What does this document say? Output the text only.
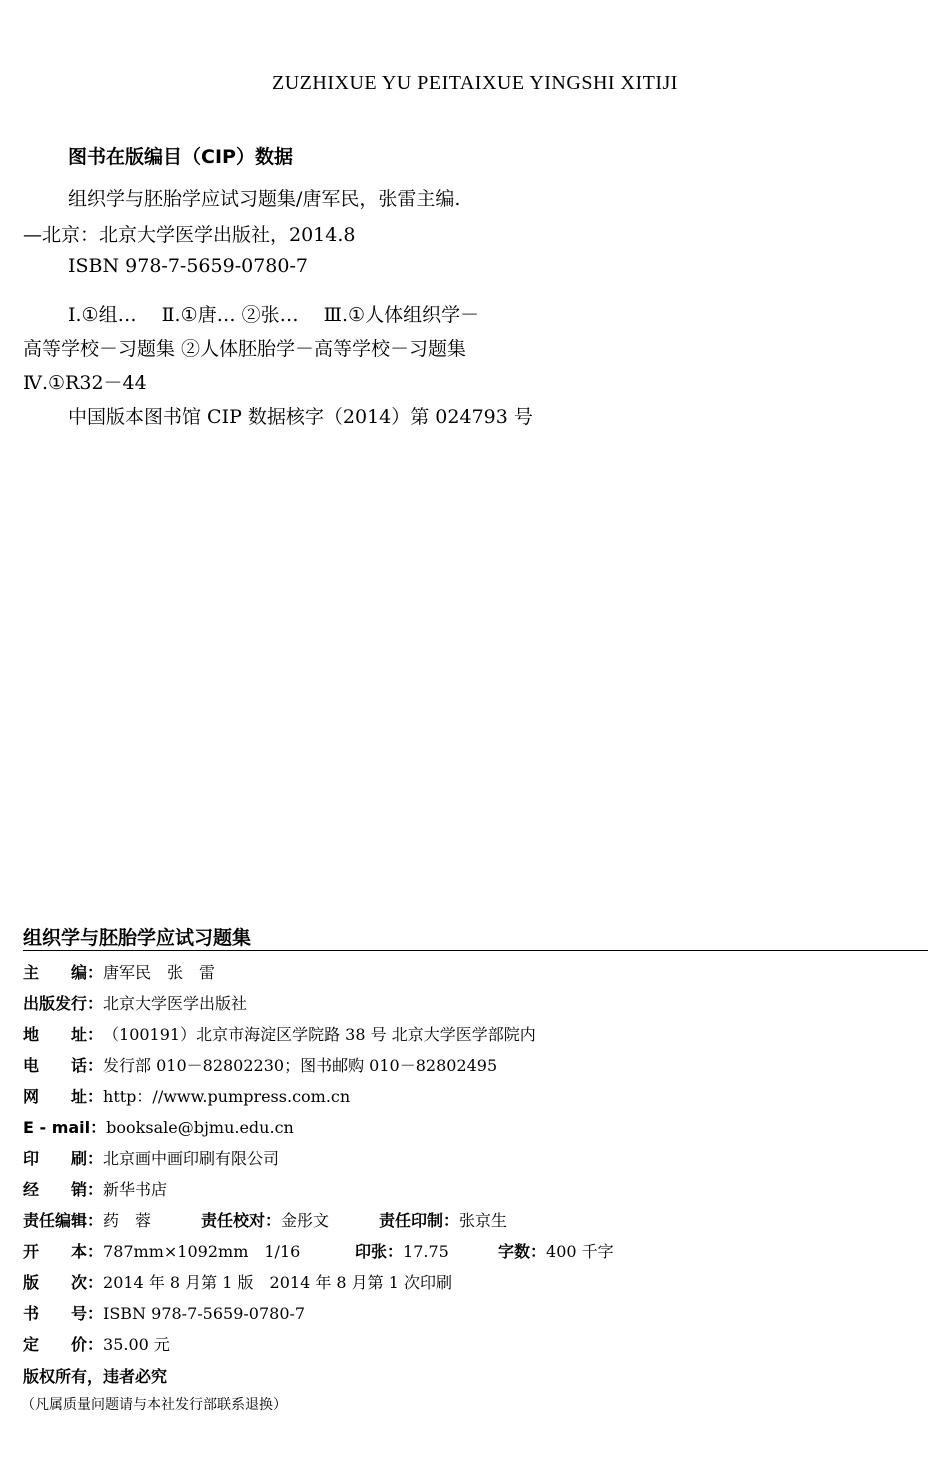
ZUZHIXUE YU PEITAIXUE YINGSHI XITIJI
图书在版编目（CIP）数据
组织学与胚胎学应试习题集/唐军民，张雷主编.
—北京：北京大学医学出版社，2014.8
ISBN 978-7-5659-0780-7
Ⅰ.①组…　 Ⅱ.①唐… ②张…　 Ⅲ.①人体组织学－
高等学校－习题集 ②人体胚胎学－高等学校－习题集
Ⅳ.①R32－44
中国版本图书馆 CIP 数据核字（2014）第 024793 号
组织学与胚胎学应试习题集
主　　编： 唐军民　张　雷
出版发行： 北京大学医学出版社
地　　址： （100191）北京市海淀区学院路 38 号 北京大学医学部院内
电　　话： 发行部 010－82802230；图书邮购 010－82802495
网　　址： http：//www.pumpress.com.cn
E - mail： booksale@bjmu.edu.cn
印　　刷： 北京画中画印刷有限公司
经　　销： 新华书店
责任编辑： 药　蓉	责任校对： 金彤文	责任印制： 张京生
开　　本： 787mm×1092mm　1/16	印张： 17.75	字数： 400 千字
版　　次： 2014 年 8 月第 1 版　2014 年 8 月第 1 次印刷
书　　号： ISBN 978-7-5659-0780-7
定　　价： 35.00 元
版权所有，违者必究
（凡属质量问题请与本社发行部联系退换）
